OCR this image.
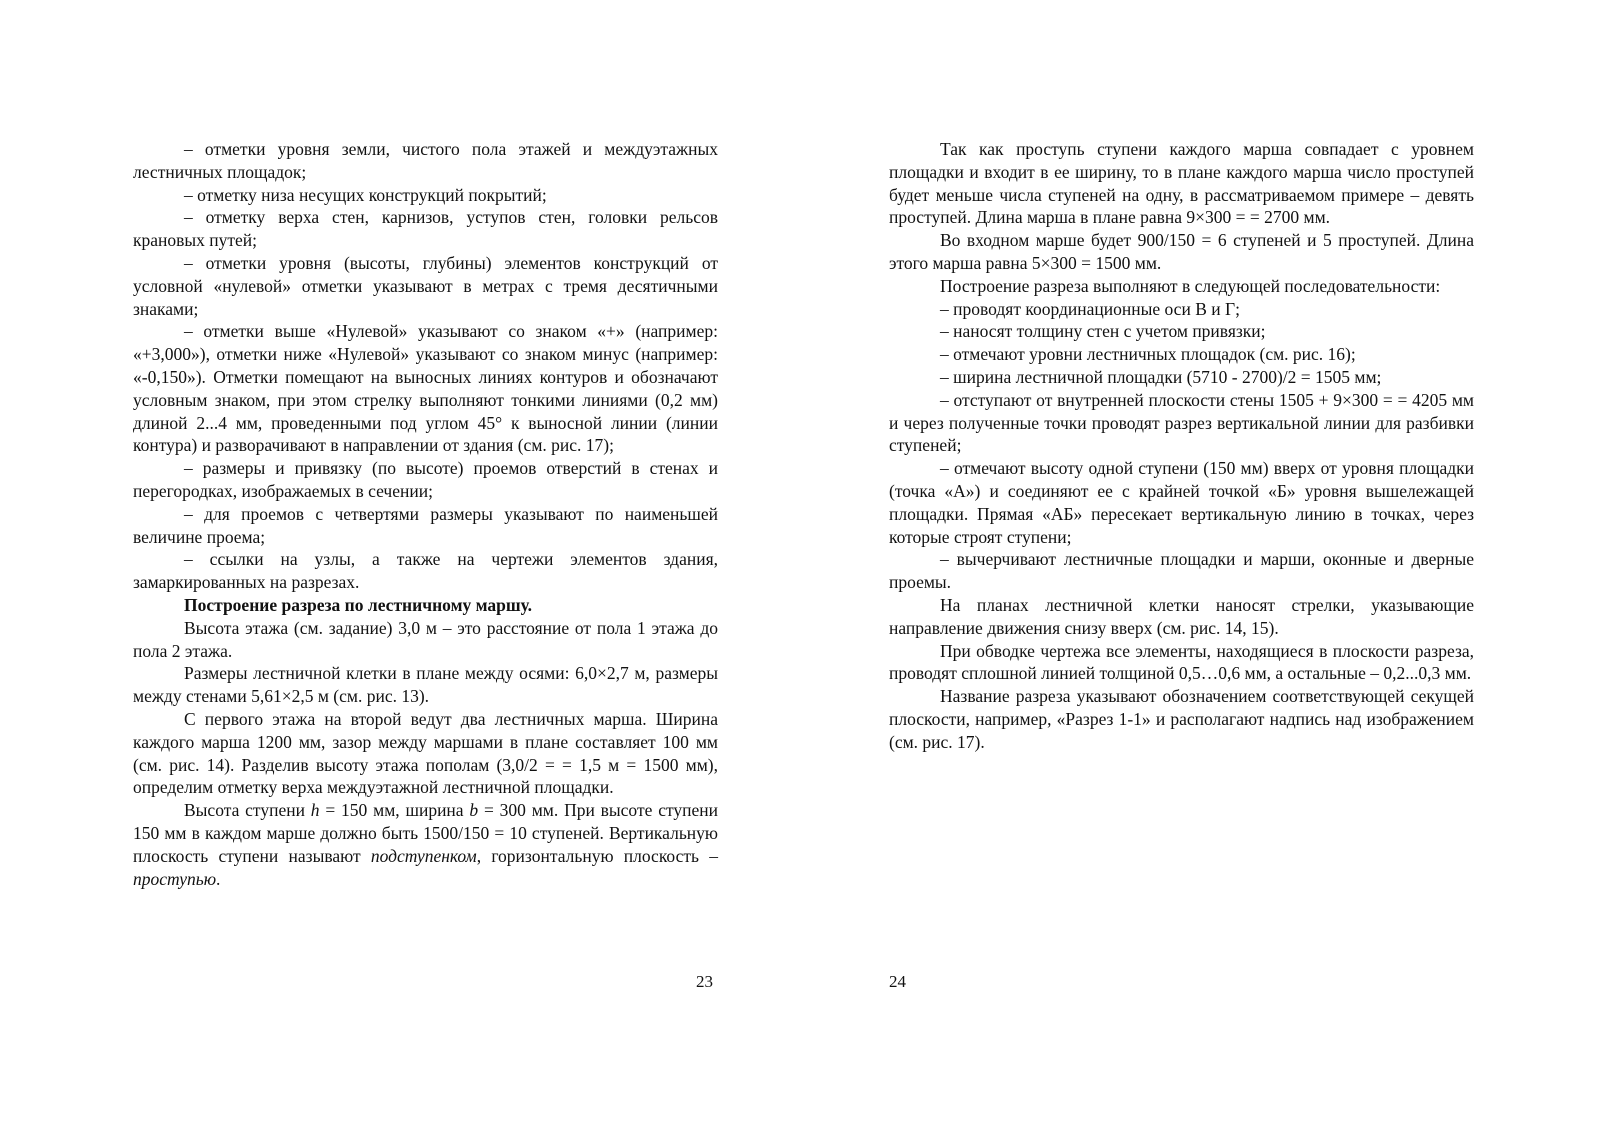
– отметки уровня земли, чистого пола этажей и междуэтажных лестничных площадок;

– отметку низа несущих конструкций покрытий;

– отметку верха стен, карнизов, уступов стен, головки рельсов крановых путей;

– отметки уровня (высоты, глубины) элементов конструкций от условной «нулевой» отметки указывают в метрах с тремя десятичными знаками;

– отметки выше «Нулевой» указывают со знаком «+» (например: «+3,000»), отметки ниже «Нулевой» указывают со знаком минус (например: «-0,150»). Отметки помещают на выносных линиях контуров и обозначают условным знаком, при этом стрелку выполняют тонкими линиями (0,2 мм) длиной 2...4 мм, проведенными под углом 45° к выносной линии (линии контура) и разворачивают в направлении от здания (см. рис. 17);

– размеры и привязку (по высоте) проемов отверстий в стенах и перегородках, изображаемых в сечении;

– для проемов с четвертями размеры указывают по наименьшей величине проема;

– ссылки на узлы, а также на чертежи элементов здания, замаркированных на разрезах.

Построение разреза по лестничному маршу.

Высота этажа (см. задание) 3,0 м – это расстояние от пола 1 этажа до пола 2 этажа.

Размеры лестничной клетки в плане между осями: 6,0×2,7 м, размеры между стенами 5,61×2,5 м (см. рис. 13).

С первого этажа на второй ведут два лестничных марша. Ширина каждого марша 1200 мм, зазор между маршами в плане составляет 100 мм (см. рис. 14). Разделив высоту этажа пополам (3,0/2 = = 1,5 м = 1500 мм), определим отметку верха междуэтажной лестничной площадки.

Высота ступени h = 150 мм, ширина b = 300 мм. При высоте ступени 150 мм в каждом марше должно быть 1500/150 = 10 ступеней. Вертикальную плоскость ступени называют подступенком, горизонтальную плоскость – проступью.

23

Так как проступь ступени каждого марша совпадает с уровнем площадки и входит в ее ширину, то в плане каждого марша число проступей будет меньше числа ступеней на одну, в рассматриваемом примере – девять проступей. Длина марша в плане равна 9×300 = = 2700 мм.

Во входном марше будет 900/150 = 6 ступеней и 5 проступей. Длина этого марша равна 5×300 = 1500 мм.

Построение разреза выполняют в следующей последовательности:

– проводят координационные оси В и Г;

– наносят толщину стен с учетом привязки;

– отмечают уровни лестничных площадок (см. рис. 16);

– ширина лестничной площадки (5710 - 2700)/2 = 1505 мм;

– отступают от внутренней плоскости стены 1505 + 9×300 = = 4205 мм и через полученные точки проводят разрез вертикальной линии для разбивки ступеней;

– отмечают высоту одной ступени (150 мм) вверх от уровня площадки (точка «А») и соединяют ее с крайней точкой «Б» уровня вышележащей площадки. Прямая «АБ» пересекает вертикальную линию в точках, через которые строят ступени;

– вычерчивают лестничные площадки и марши, оконные и дверные проемы.

На планах лестничной клетки наносят стрелки, указывающие направление движения снизу вверх (см. рис. 14, 15).

При обводке чертежа все элементы, находящиеся в плоскости разреза, проводят сплошной линией толщиной 0,5…0,6 мм, а остальные – 0,2...0,3 мм.

Название разреза указывают обозначением соответствующей секущей плоскости, например, «Разрез 1-1» и располагают надпись над изображением (см. рис. 17).

24
